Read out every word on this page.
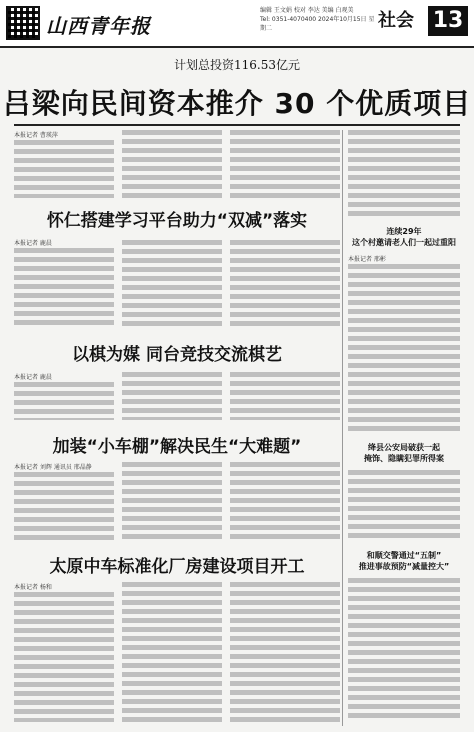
山西青年报
编辑 王文娟 校对 李达 美编 白观美
Tel: 0351-4070400 2024年10月15日 星期二	社会 13
计划总投资116.53亿元
吕梁向民间资本推介 30 个优质项目
本报记者 曹瑛萍
怀仁搭建学习平台助力“双减”落实
本报记者 鹿晨
以棋为媒 同台竞技交流棋艺
本报记者 鹿晨
加装“小车棚”解决民生“大难题”
本报记者 刘辉 通讯员 邢晶静
太原中车标准化厂房建设项目开工
本报记者 杨和
连续29年
这个村邀请老人们一起过重阳
本报记者 邢彬
绛县公安局破获一起
掩饰、隐瞒犯罪所得案
和顺交警通过“五制”
推进事故预防“减量控大”
